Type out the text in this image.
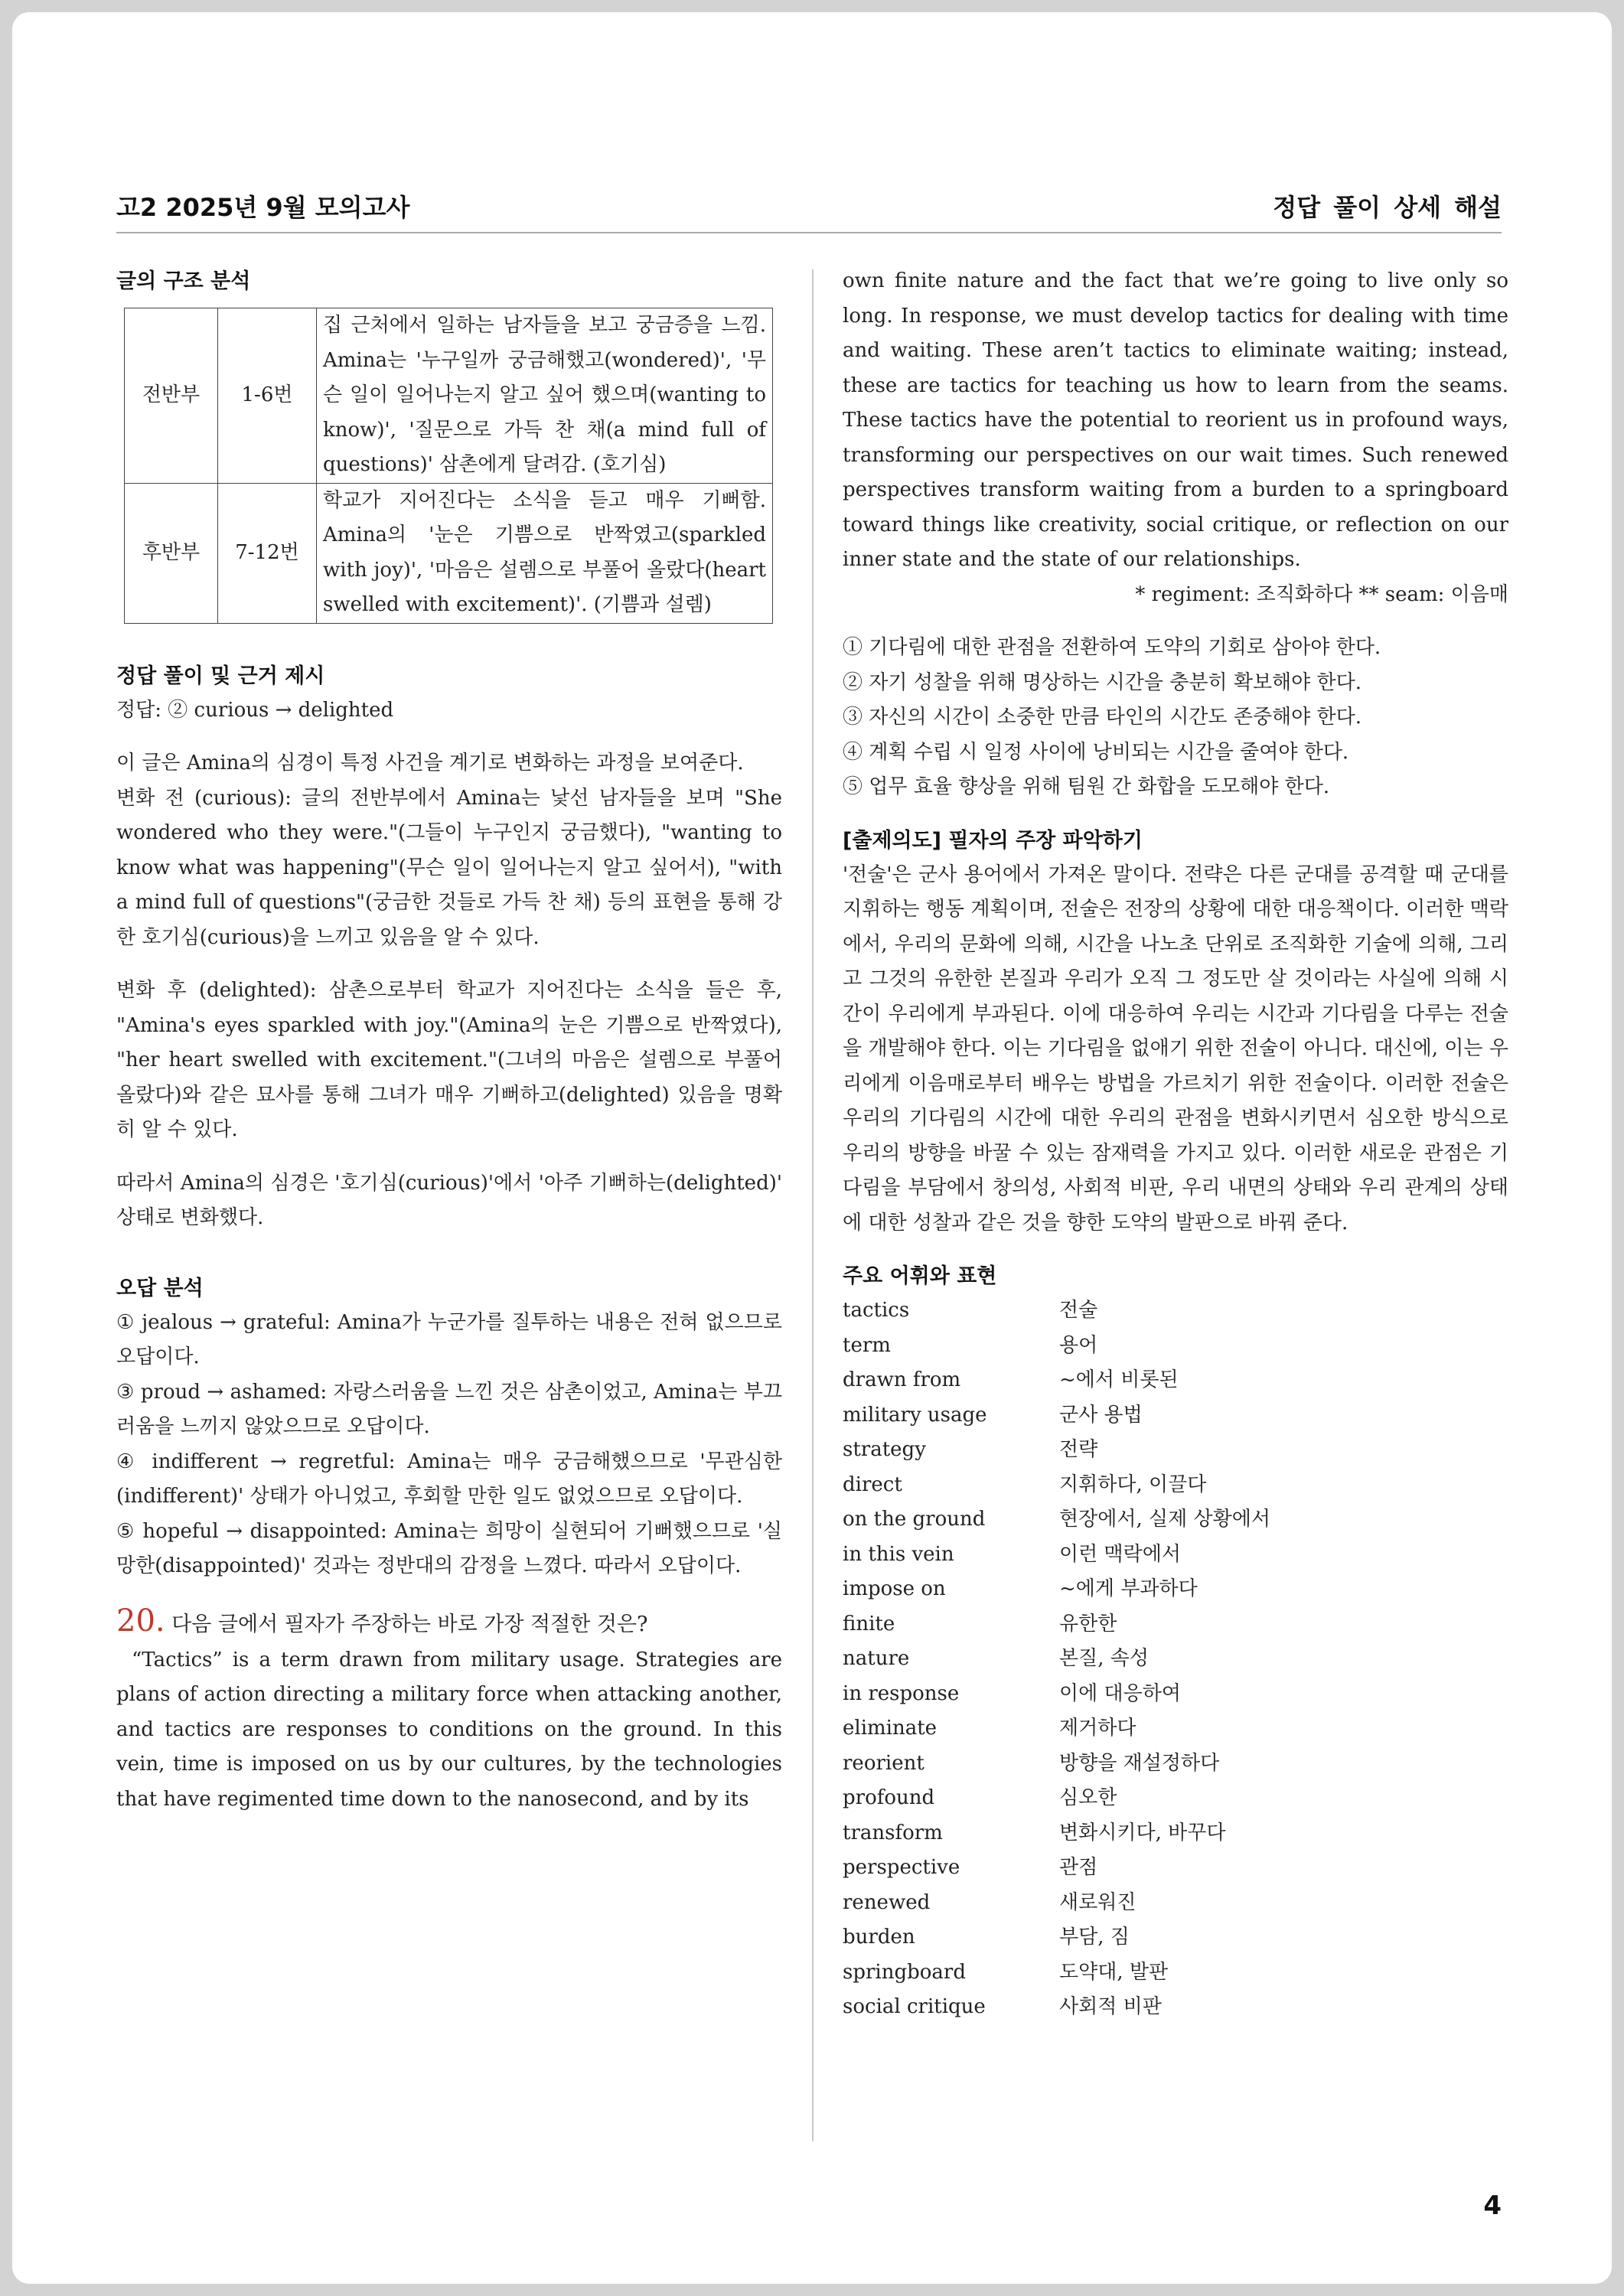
고2 2025년 9월 모의고사	정답 풀이 상세 해설
글의 구조 분석
전반부	1-6번	집 근처에서 일하는 남자들을 보고 궁금증을 느낌. Amina는 '누구일까 궁금해했고(wondered)', '무슨 일이 일어나는지 알고 싶어 했으며(wanting to know)', '질문으로 가득 찬 채(a mind full of questions)' 삼촌에게 달려감. (호기심)
후반부	7-12번	학교가 지어진다는 소식을 듣고 매우 기뻐함. Amina의 '눈은 기쁨으로 반짝였고(sparkled with joy)', '마음은 설렘으로 부풀어 올랐다(heart swelled with excitement)'. (기쁨과 설렘)
정답 풀이 및 근거 제시

정답: ② curious → delighted

이 글은 Amina의 심경이 특정 사건을 계기로 변화하는 과정을 보여준다.

변화 전 (curious): 글의 전반부에서 Amina는 낯선 남자들을 보며 "She wondered who they were."(그들이 누구인지 궁금했다), "wanting to know what was happening"(무슨 일이 일어나는지 알고 싶어서), "with a mind full of questions"(궁금한 것들로 가득 찬 채) 등의 표현을 통해 강한 호기심(curious)을 느끼고 있음을 알 수 있다.

변화 후 (delighted): 삼촌으로부터 학교가 지어진다는 소식을 들은 후, "Amina's eyes sparkled with joy."(Amina의 눈은 기쁨으로 반짝였다), "her heart swelled with excitement."(그녀의 마음은 설렘으로 부풀어 올랐다)와 같은 묘사를 통해 그녀가 매우 기뻐하고(delighted) 있음을 명확히 알 수 있다.

따라서 Amina의 심경은 '호기심(curious)'에서 '아주 기뻐하는(delighted)' 상태로 변화했다.

오답 분석

① jealous → grateful: Amina가 누군가를 질투하는 내용은 전혀 없으므로 오답이다.

③ proud → ashamed: 자랑스러움을 느낀 것은 삼촌이었고, Amina는 부끄러움을 느끼지 않았으므로 오답이다.

④ indifferent → regretful: Amina는 매우 궁금해했으므로 '무관심한(indifferent)' 상태가 아니었고, 후회할 만한 일도 없었으므로 오답이다.

⑤ hopeful → disappointed: Amina는 희망이 실현되어 기뻐했으므로 '실망한(disappointed)' 것과는 정반대의 감정을 느꼈다. 따라서 오답이다.

20. 다음 글에서 필자가 주장하는 바로 가장 적절한 것은?

“Tactics” is a term drawn from military usage. Strategies are plans of action directing a military force when attacking another, and tactics are responses to conditions on the ground. In this vein, time is imposed on us by our cultures, by the technologies that have regimented time down to the nanosecond, and by its

own finite nature and the fact that we’re going to live only so long. In response, we must develop tactics for dealing with time and waiting. These aren’t tactics to eliminate waiting; instead, these are tactics for teaching us how to learn from the seams. These tactics have the potential to reorient us in profound ways, transforming our perspectives on our wait times. Such renewed perspectives transform waiting from a burden to a springboard toward things like creativity, social critique, or reflection on our inner state and the state of our relationships.

* regiment: 조직화하다 ** seam: 이음매

① 기다림에 대한 관점을 전환하여 도약의 기회로 삼아야 한다.

② 자기 성찰을 위해 명상하는 시간을 충분히 확보해야 한다.

③ 자신의 시간이 소중한 만큼 타인의 시간도 존중해야 한다.

④ 계획 수립 시 일정 사이에 낭비되는 시간을 줄여야 한다.

⑤ 업무 효율 향상을 위해 팀원 간 화합을 도모해야 한다.

[출제의도] 필자의 주장 파악하기

'전술'은 군사 용어에서 가져온 말이다. 전략은 다른 군대를 공격할 때 군대를 지휘하는 행동 계획이며, 전술은 전장의 상황에 대한 대응책이다. 이러한 맥락에서, 우리의 문화에 의해, 시간을 나노초 단위로 조직화한 기술에 의해, 그리고 그것의 유한한 본질과 우리가 오직 그 정도만 살 것이라는 사실에 의해 시간이 우리에게 부과된다. 이에 대응하여 우리는 시간과 기다림을 다루는 전술을 개발해야 한다. 이는 기다림을 없애기 위한 전술이 아니다. 대신에, 이는 우리에게 이음매로부터 배우는 방법을 가르치기 위한 전술이다. 이러한 전술은 우리의 기다림의 시간에 대한 우리의 관점을 변화시키면서 심오한 방식으로 우리의 방향을 바꿀 수 있는 잠재력을 가지고 있다. 이러한 새로운 관점은 기다림을 부담에서 창의성, 사회적 비판, 우리 내면의 상태와 우리 관계의 상태에 대한 성찰과 같은 것을 향한 도약의 발판으로 바꿔 준다.

주요 어휘와 표현
tactics	전술
term	용어
drawn from	~에서 비롯된
military usage	군사 용법
strategy	전략
direct	지휘하다, 이끌다
on the ground	현장에서, 실제 상황에서
in this vein	이런 맥락에서
impose on	~에게 부과하다
finite	유한한
nature	본질, 속성
in response	이에 대응하여
eliminate	제거하다
reorient	방향을 재설정하다
profound	심오한
transform	변화시키다, 바꾸다
perspective	관점
renewed	새로워진
burden	부담, 짐
springboard	도약대, 발판
social critique	사회적 비판
4
